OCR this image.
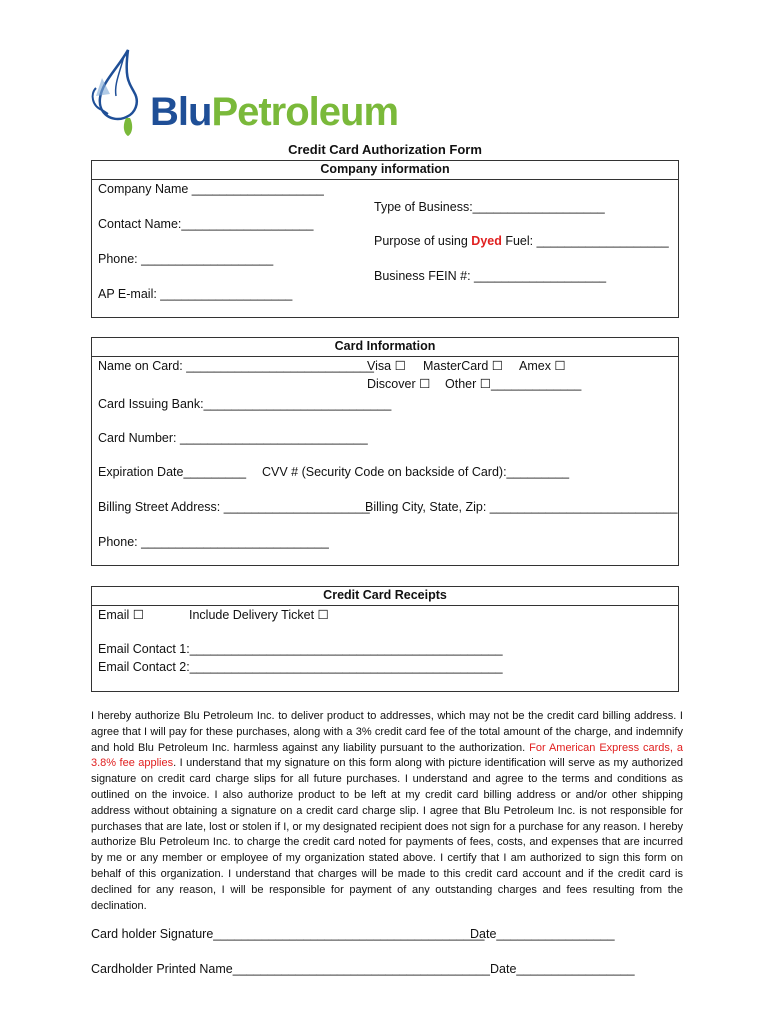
BluPetroleum
Credit Card Authorization Form
Company information
Company Name ___________________
Contact Name:___________________
Phone: ___________________
AP E-mail: ___________________
Type of Business:___________________
Purpose of using Dyed Fuel: ___________________
Business FEIN #: ___________________
Card Information
Name on Card: ___________________________
Visa ☐ MasterCard ☐ Amex ☐
Discover ☐ Other ☐_____________
Card Issuing Bank:___________________________
Card Number: ___________________________
Expiration Date_________ CVV # (Security Code on backside of Card):_________
Billing Street Address: _____________________
Billing City, State, Zip: ___________________________
Phone: ___________________________
Credit Card Receipts
Email ☐	Include Delivery Ticket ☐
Email Contact 1:_____________________________________________
Email Contact 2:_____________________________________________
I hereby authorize Blu Petroleum Inc. to deliver product to addresses, which may not be the credit card billing address. I agree that I will pay for these purchases, along with a 3% credit card fee of the total amount of the charge, and indemnify and hold Blu Petroleum Inc. harmless against any liability pursuant to the authorization. For American Express cards, a 3.8% fee applies. I understand that my signature on this form along with picture identification will serve as my authorized signature on credit card charge slips for all future purchases. I understand and agree to the terms and conditions as outlined on the invoice. I also authorize product to be left at my credit card billing address or and/or other shipping address without obtaining a signature on a credit card charge slip. I agree that Blu Petroleum Inc. is not responsible for purchases that are late, lost or stolen if I, or my designated recipient does not sign for a purchase for any reason. I hereby authorize Blu Petroleum Inc. to charge the credit card noted for payments of fees, costs, and expenses that are incurred by me or any member or employee of my organization stated above. I certify that I am authorized to sign this form on behalf of this organization. I understand that charges will be made to this credit card account and if the credit card is declined for any reason, I will be responsible for payment of any outstanding charges and fees resulting from the declination.
Card holder Signature_______________________________________
Date_________________
Cardholder Printed Name_____________________________________ Date_________________
